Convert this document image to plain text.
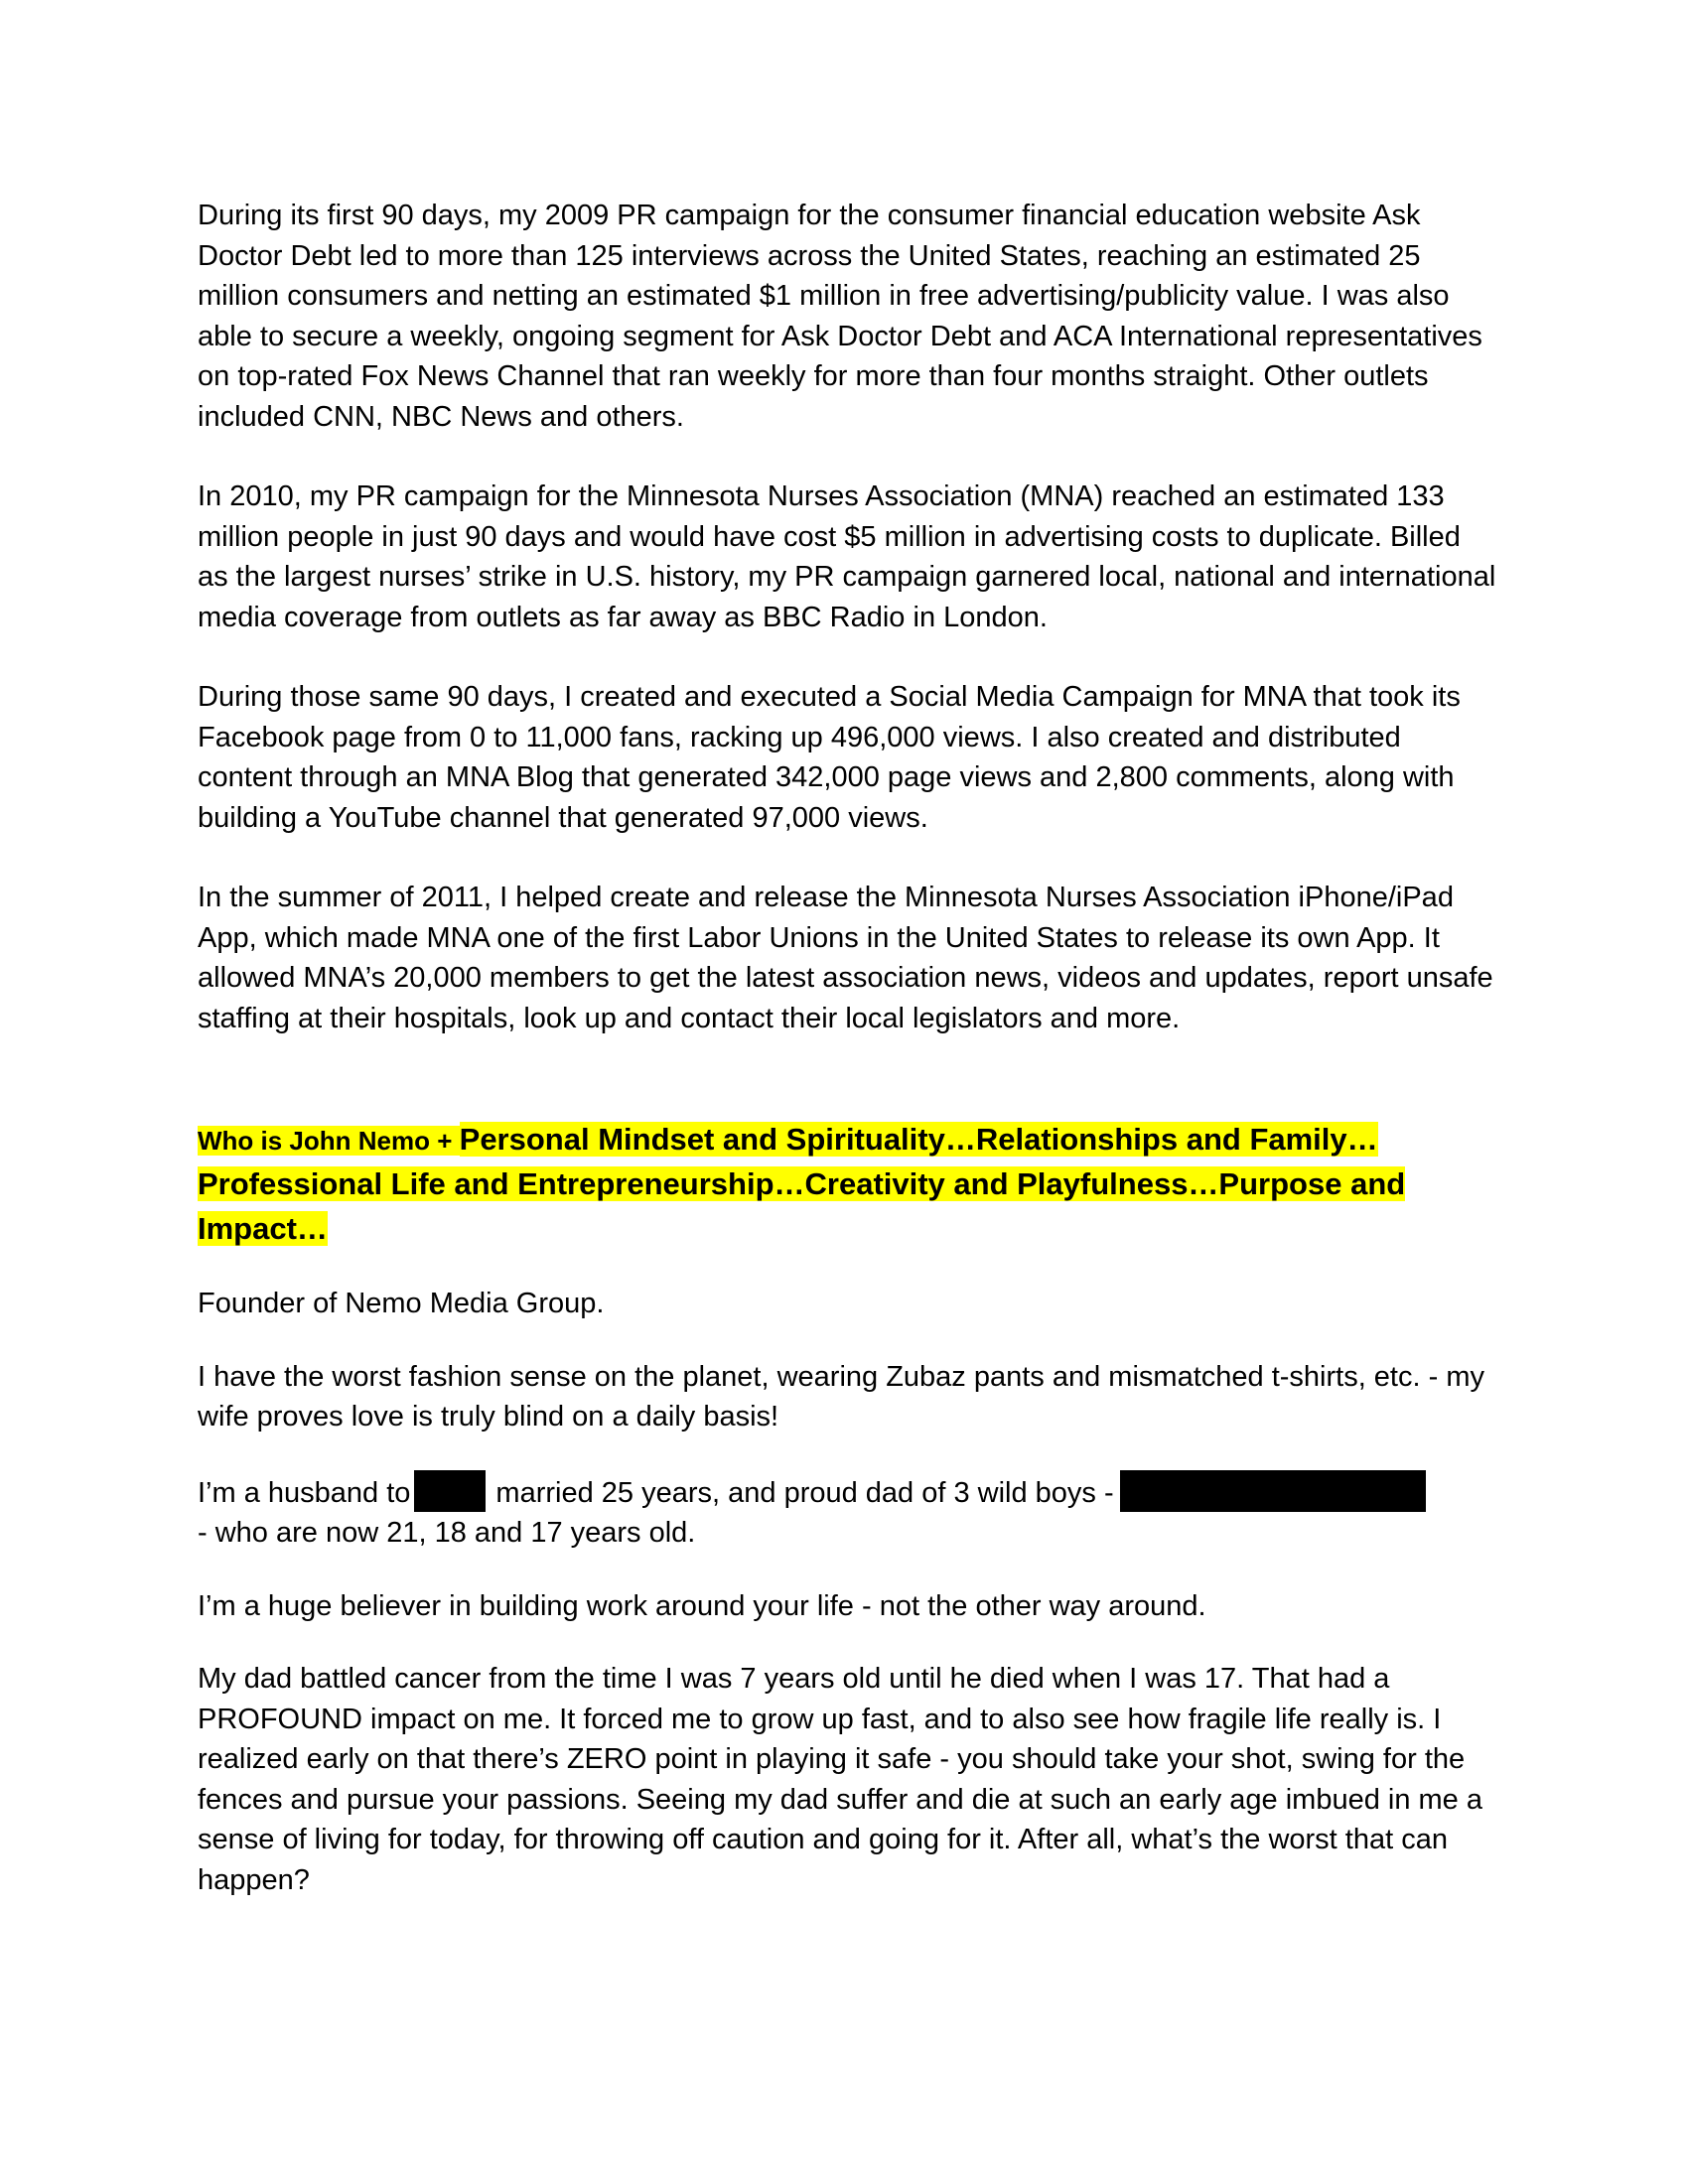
During its first 90 days, my 2009 PR campaign for the consumer financial education website Ask Doctor Debt led to more than 125 interviews across the United States, reaching an estimated 25 million consumers and netting an estimated $1 million in free advertising/publicity value. I was also able to secure a weekly, ongoing segment for Ask Doctor Debt and ACA International representatives on top-rated Fox News Channel that ran weekly for more than four months straight. Other outlets included CNN, NBC News and others.

In 2010, my PR campaign for the Minnesota Nurses Association (MNA) reached an estimated 133 million people in just 90 days and would have cost $5 million in advertising costs to duplicate. Billed as the largest nurses’ strike in U.S. history, my PR campaign garnered local, national and international media coverage from outlets as far away as BBC Radio in London.

During those same 90 days, I created and executed a Social Media Campaign for MNA that took its Facebook page from 0 to 11,000 fans, racking up 496,000 views. I also created and distributed content through an MNA Blog that generated 342,000 page views and 2,800 comments, along with building a YouTube channel that generated 97,000 views.

In the summer of 2011, I helped create and release the Minnesota Nurses Association iPhone/iPad App, which made MNA one of the first Labor Unions in the United States to release its own App. It allowed MNA’s 20,000 members to get the latest association news, videos and updates, report unsafe staffing at their hospitals, look up and contact their local legislators and more.

Who is John Nemo + Personal Mindset and Spirituality…Relationships and Family…Professional Life and Entrepreneurship…Creativity and Playfulness…Purpose and Impact…

Founder of Nemo Media Group.

I have the worst fashion sense on the planet, wearing Zubaz pants and mismatched t-shirts, etc. - my wife proves love is truly blind on a daily basis!

I’m a husband to	married 25 years, and proud dad of 3 wild boys -
- who are now 21, 18 and 17 years old.

I’m a huge believer in building work around your life - not the other way around.

My dad battled cancer from the time I was 7 years old until he died when I was 17. That had a PROFOUND impact on me. It forced me to grow up fast, and to also see how fragile life really is. I realized early on that there’s ZERO point in playing it safe - you should take your shot, swing for the fences and pursue your passions. Seeing my dad suffer and die at such an early age imbued in me a sense of living for today, for throwing off caution and going for it. After all, what’s the worst that can happen?
